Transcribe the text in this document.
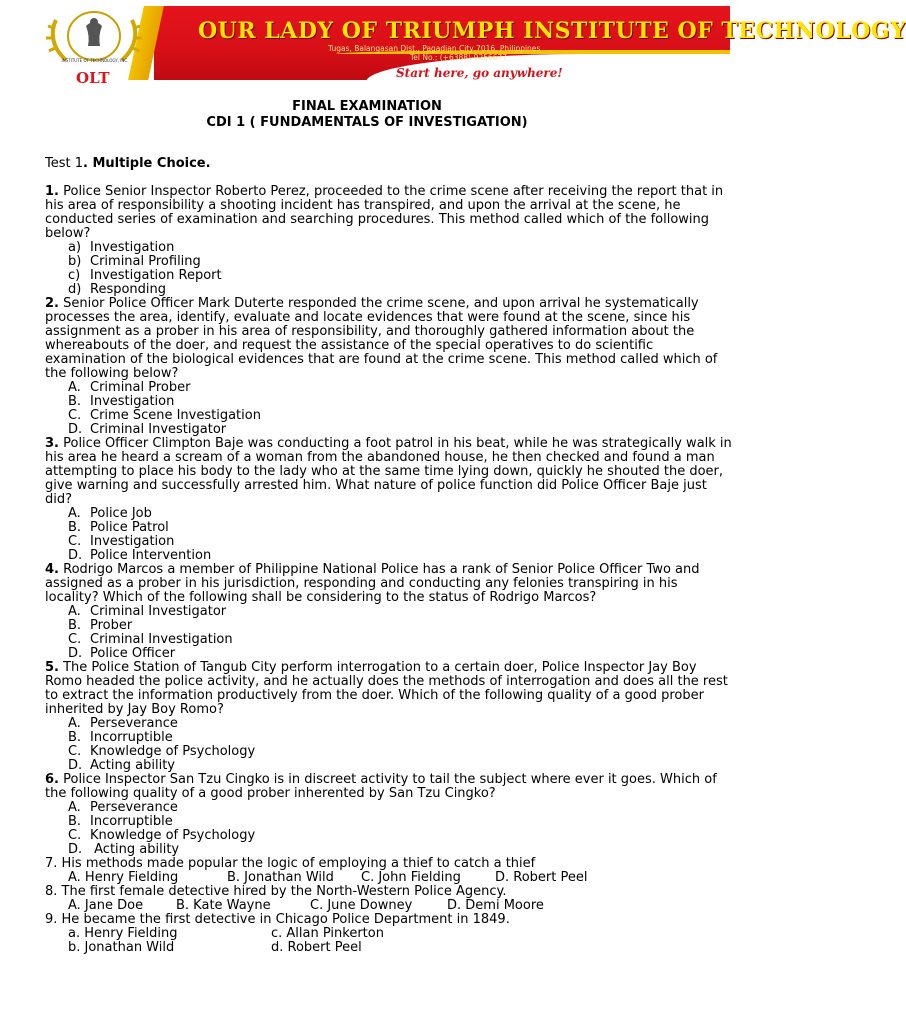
INSTITUTE OF TECHNOLOGY, INC.
OLT
OUR LADY OF TRIUMPH INSTITUTE OF TECHNOLOGY
Tugas, Balangasan Dist., Pagadian City,7016, Philippines
Tel No.: (+6388)-9256677
Start here, go anywhere!

FINAL EXAMINATION

CDI 1 ( FUNDAMENTALS OF INVESTIGATION)

Test 1. Multiple Choice.

1. Police Senior Inspector Roberto Perez, proceeded to the crime scene after receiving the report that in his area of responsibility a shooting incident has transpired, and upon the arrival at the scene, he conducted series of examination and searching procedures. This method called which of the following below?

a) Investigation
b) Criminal Profiling
c) Investigation Report
d) Responding

2. Senior Police Officer Mark Duterte responded the crime scene, and upon arrival he systematically processes the area, identify, evaluate and locate evidences that were found at the scene, since his assignment as a prober in his area of responsibility, and thoroughly gathered information about the whereabouts of the doer, and request the assistance of the special operatives to do scientific examination of the biological evidences that are found at the crime scene. This method called which of the following below?

A. Criminal Prober
B. Investigation
C. Crime Scene Investigation
D. Criminal Investigator

3. Police Officer Climpton Baje was conducting a foot patrol in his beat, while he was strategically walk in his area he heard a scream of a woman from the abandoned house, he then checked and found a man attempting to place his body to the lady who at the same time lying down, quickly he shouted the doer, give warning and successfully arrested him. What nature of police function did Police Officer Baje just did?

A. Police Job
B. Police Patrol
C. Investigation
D. Police Intervention

4. Rodrigo Marcos a member of Philippine National Police has a rank of Senior Police Officer Two and assigned as a prober in his jurisdiction, responding and conducting any felonies transpiring in his locality? Which of the following shall be considering to the status of Rodrigo Marcos?

A. Criminal Investigator
B. Prober
C. Criminal Investigation
D. Police Officer

5. The Police Station of Tangub City perform interrogation to a certain doer, Police Inspector Jay Boy Romo headed the police activity, and he actually does the methods of interrogation and does all the rest to extract the information productively from the doer. Which of the following quality of a good prober inherited by Jay Boy Romo?

A. Perseverance
B. Incorruptible
C. Knowledge of Psychology
D. Acting ability

6. Police Inspector San Tzu Cingko is in discreet activity to tail the subject where ever it goes. Which of the following quality of a good prober inherented by San Tzu Cingko?

A. Perseverance
B. Incorruptible
C. Knowledge of Psychology
D. Acting ability

7. His methods made popular the logic of employing a thief to catch a thief

A. Henry Fielding	B. Jonathan Wild C. John Fielding	D. Robert Peel

8. The first female detective hired by the North-Western Police Agency.

A. Jane Doe	B. Kate Wayne	C. June Downey	D. Demi Moore

9. He became the first detective in Chicago Police Department in 1849.

a. Henry Fielding	c. Allan Pinkerton

b. Jonathan Wild	d. Robert Peel
